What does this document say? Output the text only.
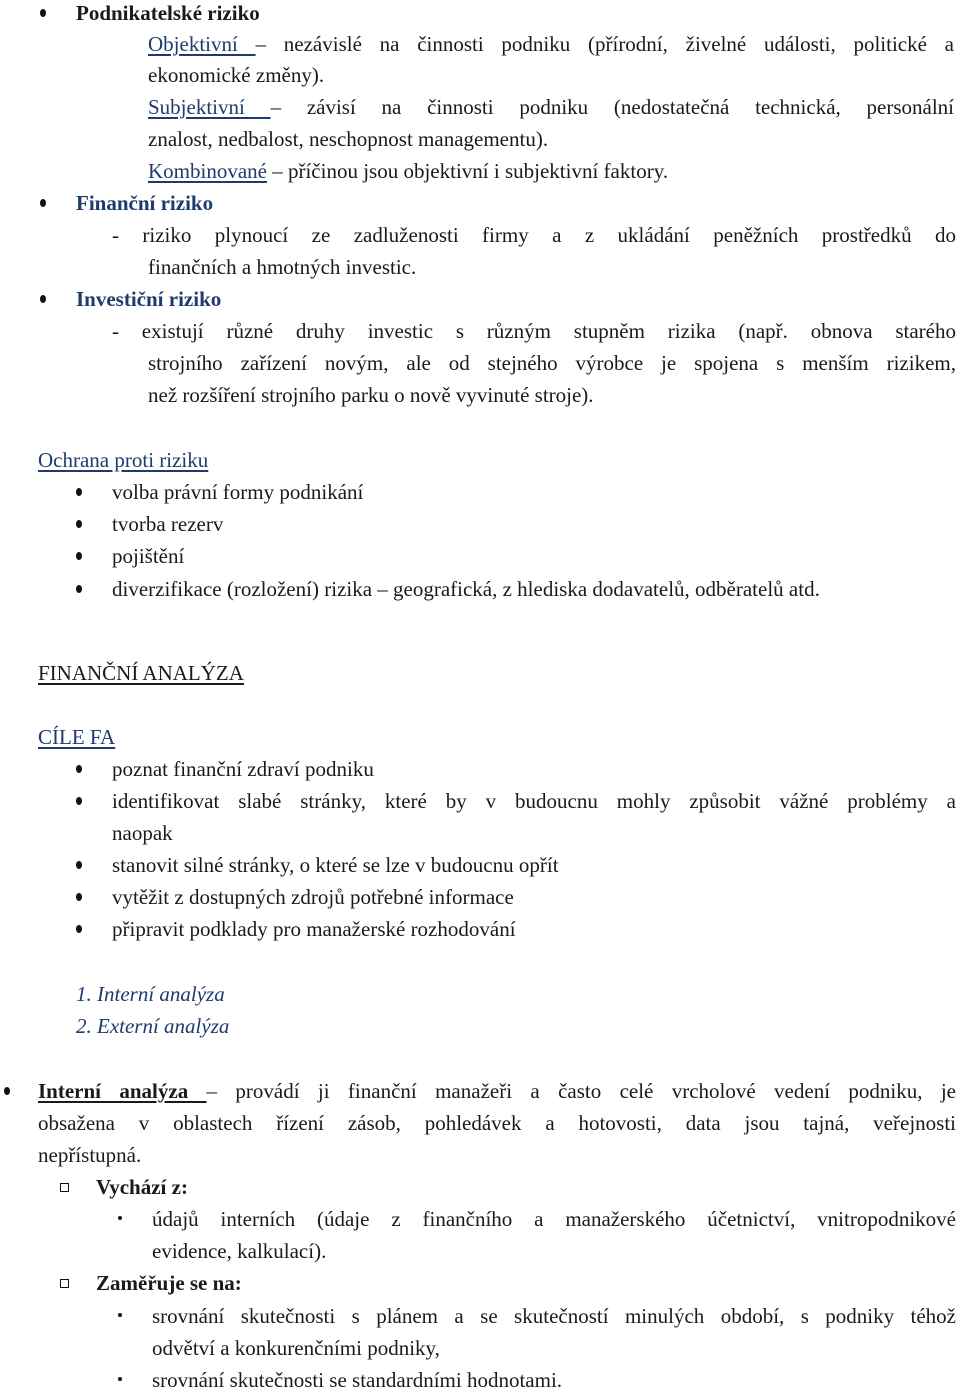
Podnikatelské riziko
Objektivní – nezávislé na činnosti podniku (přírodní, živelné události, politické a
ekonomické změny).
Subjektivní – závisí na činnosti podniku (nedostatečná technická, personální
znalost, nedbalost, neschopnost managementu).
Kombinované – příčinou jsou objektivní i subjektivní faktory.
Finanční riziko
- riziko plynoucí ze zadluženosti firmy a z ukládání peněžních prostředků do
finančních a hmotných investic.
Investiční riziko
- existují různé druhy investic s různým stupněm rizika (např. obnova starého
strojního zařízení novým, ale od stejného výrobce je spojena s menším rizikem,
než rozšíření strojního parku o nově vyvinuté stroje).
Ochrana proti riziku
volba právní formy podnikání
tvorba rezerv
pojištění
diverzifikace (rozložení) rizika – geografická, z hlediska dodavatelů, odběratelů atd.
FINANČNÍ ANALÝZA
CÍLE FA
poznat finanční zdraví podniku
identifikovat slabé stránky, které by v budoucnu mohly způsobit vážné problémy a
naopak
stanovit silné stránky, o které se lze v budoucnu opřít
vytěžit z dostupných zdrojů potřebné informace
připravit podklady pro manažerské rozhodování
1. Interní analýza
2. Externí analýza
Interní analýza – provádí ji finanční manažeři a často celé vrcholové vedení podniku, je
obsažena v oblastech řízení zásob, pohledávek a hotovosti, data jsou tajná, veřejnosti
nepřístupná.
Vychází z:
údajů interních (údaje z finančního a manažerského účetnictví, vnitropodnikové
evidence, kalkulací).
Zaměřuje se na:
srovnání skutečnosti s plánem a se skutečností minulých období, s podniky téhož
odvětví a konkurenčními podniky,
srovnání skutečnosti se standardními hodnotami.
